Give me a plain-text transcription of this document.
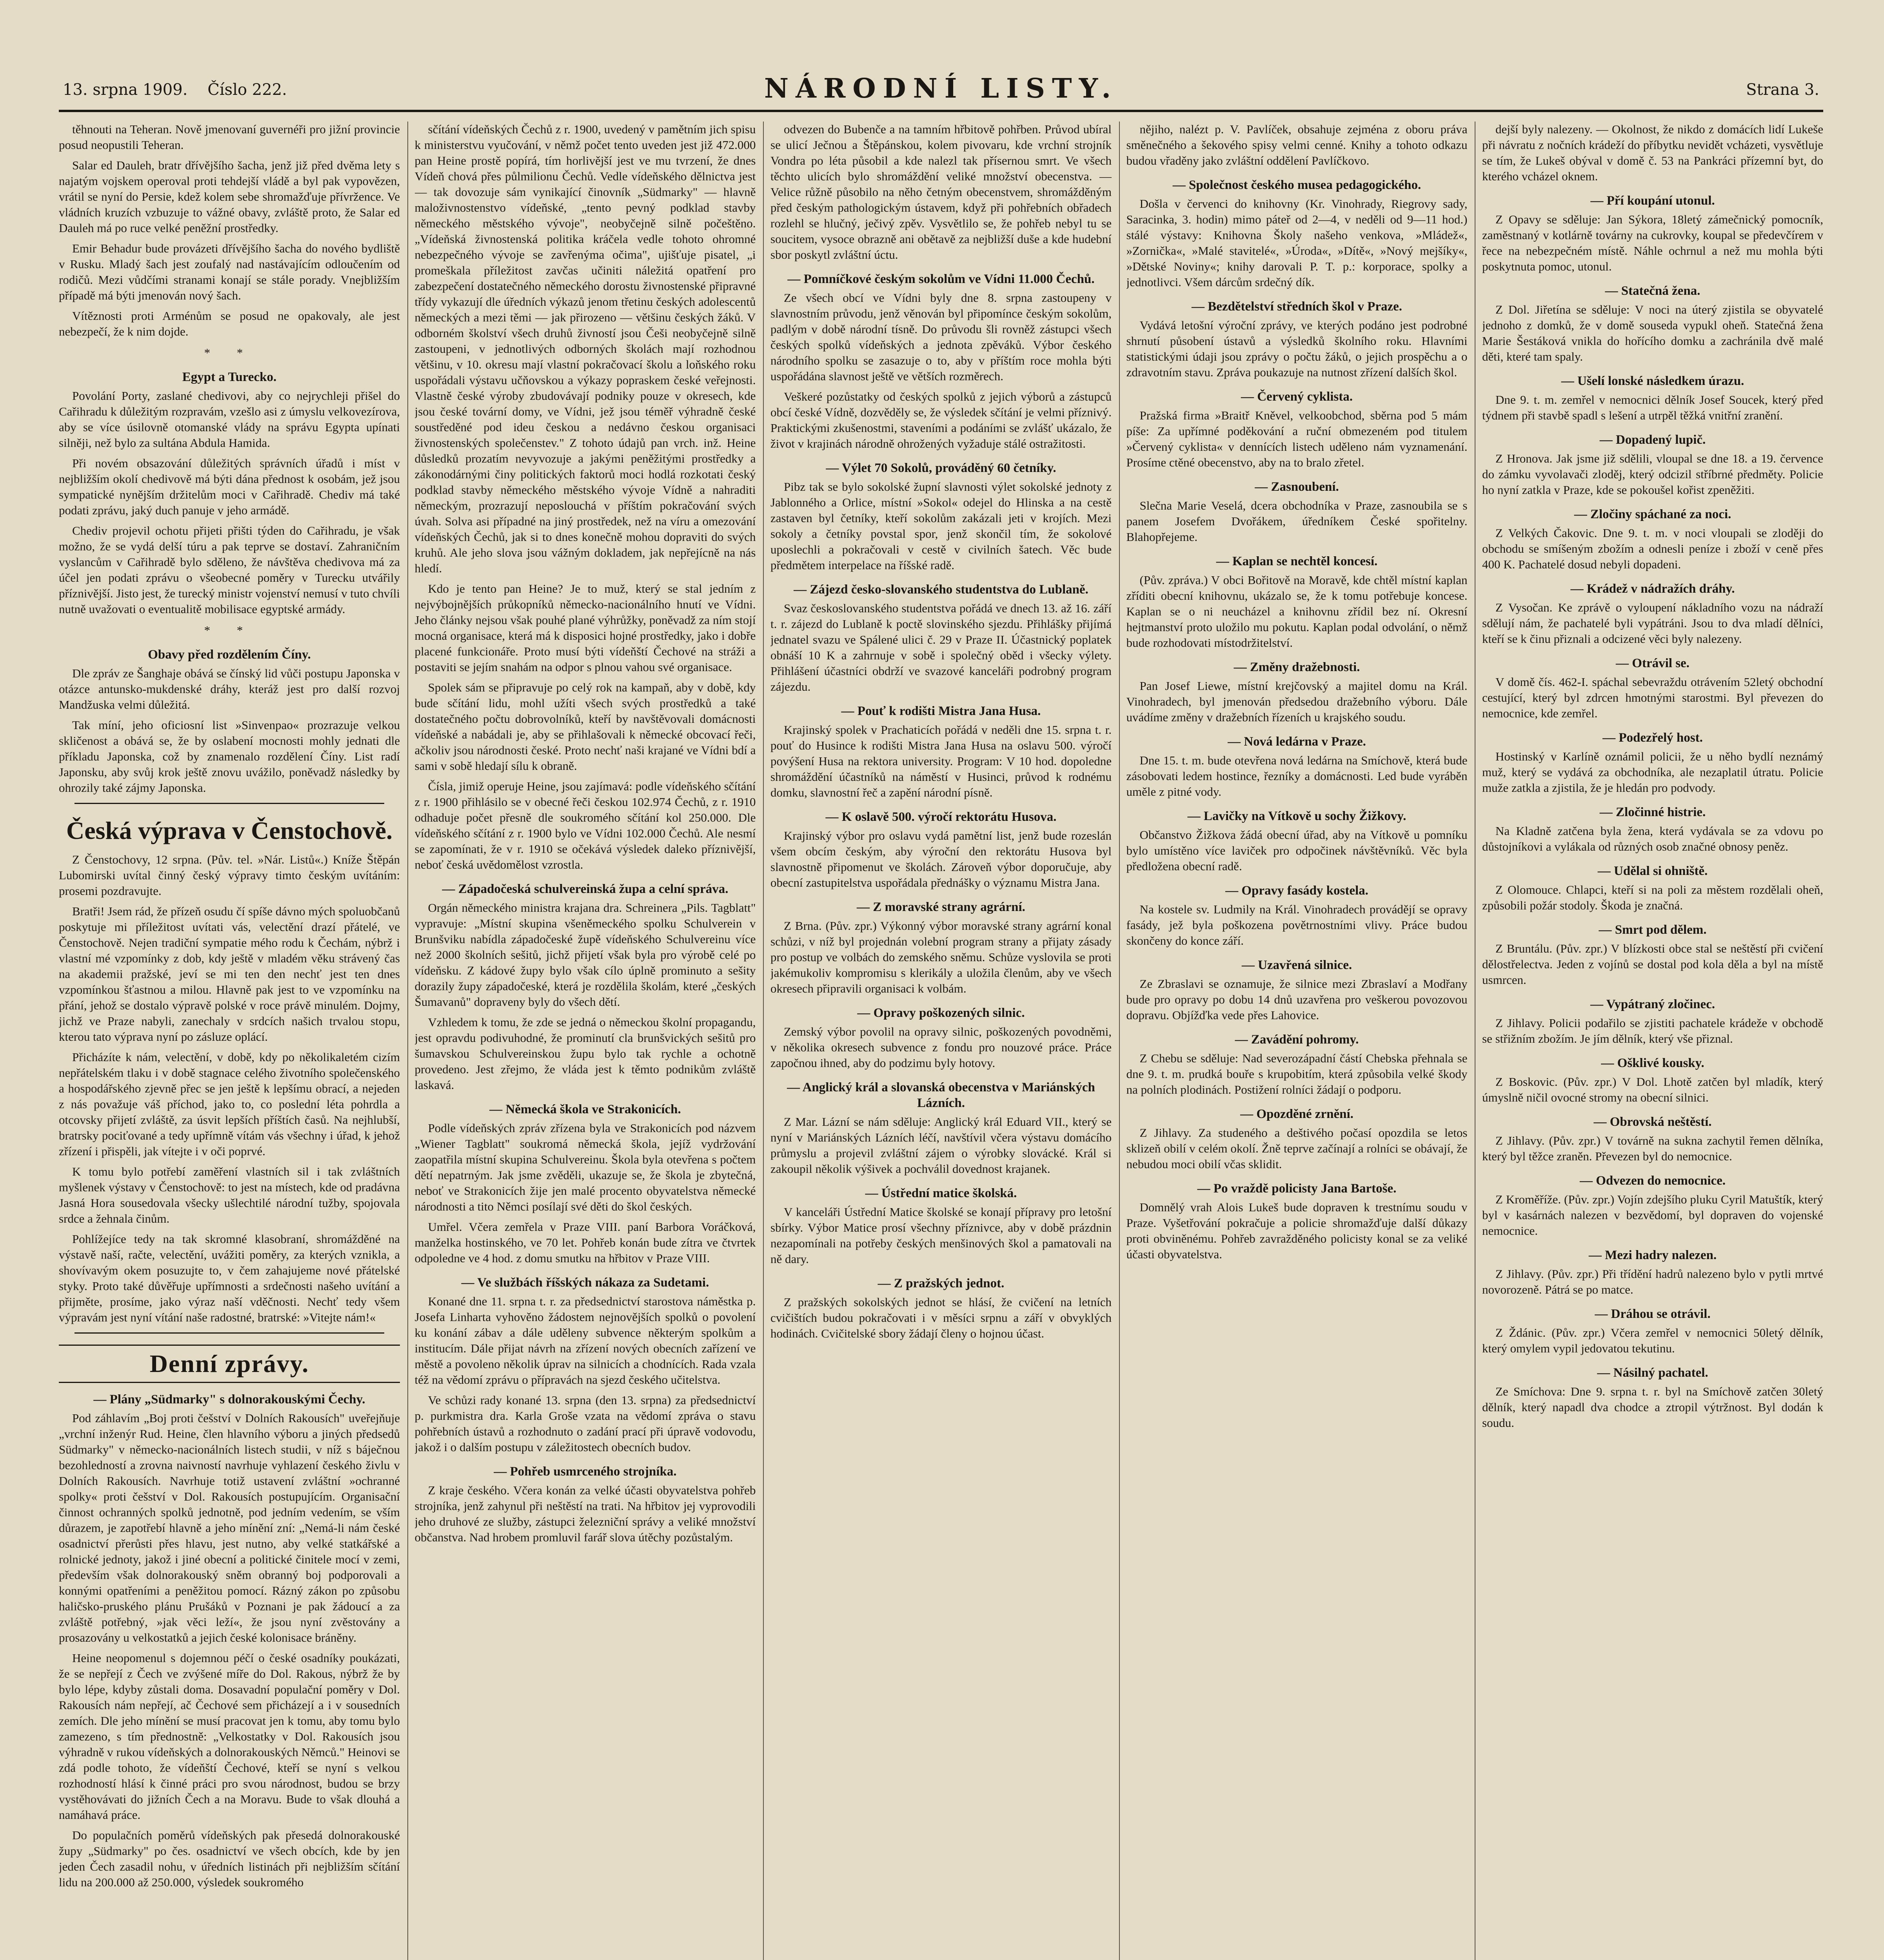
13. srpna 1909. Číslo 222.	NÁRODNÍ LISTY.	Strana 3.

těhnouti na Teheran. Nově jmenovaní guvernéři pro jižní provincie posud neopustili Teheran.

Salar ed Dauleh, bratr dřívějšího šacha, jenž již před dvěma lety s najatým vojskem operoval proti tehdejší vládě a byl pak vypovězen, vrátil se nyní do Persie, kdež kolem sebe shromažďuje přívržence. Ve vládních kruzích vzbuzuje to vážné obavy, zvláště proto, že Salar ed Dauleh má po ruce velké peněžní prostředky.

Emir Behadur bude provázeti dřívějšího šacha do nového bydliště v Rusku. Mladý šach jest zoufalý nad nastávajícím odloučením od rodičů. Mezi vůdčími stranami konají se stále porady. Vnejbližším případě má býti jmenován nový šach.

Vítěznosti proti Arménům se posud ne opakovaly, ale jest nebezpečí, že k nim dojde.

* *

Egypt a Turecko.

Povolání Porty, zaslané chedivovi, aby co nejrychleji přišel do Cařihradu k důležitým rozpravám, vzešlo asi z úmyslu velkovezírova, aby se více úsilovně otomanské vlády na správu Egypta upínati silněji, než bylo za sultána Abdula Hamida.

Při novém obsazování důležitých správních úřadů i míst v nejbližším okolí chedivově má býti dána přednost k osobám, jež jsou sympatické nynějším držitelům moci v Cařihradě. Chediv má také podati zprávu, jaký duch panuje v jeho armádě.

Chediv projevil ochotu přijeti přišti týden do Cařihradu, je však možno, že se vydá delší túru a pak teprve se dostaví. Zahraničním vyslancům v Cařihradě bylo sděleno, že návštěva chedivova má za účel jen podati zprávu o všeobecné poměry v Turecku utvářily příznivější. Jisto jest, že turecký ministr vojenství nemusí v tuto chvíli nutně uvažovati o eventualitě mobilisace egyptské armády.

* *

Obavy před rozdělením Číny.

Dle zpráv ze Šanghaje obává se čínský lid vůči postupu Japonska v otázce antunsko-mukdenské dráhy, kteráž jest pro další rozvoj Mandžuska velmi důležitá.

Tak míní, jeho oficiosní list »Sinvenpao« prozrazuje velkou skličenost a obává se, že by oslabení mocnosti mohly jednati dle příkladu Japonska, což by znamenalo rozdělení Číny. List radí Japonsku, aby svůj krok ještě znovu uvážilo, poněvadž následky by ohrozily také zájmy Japonska.

Česká výprava v Čenstochově.

Z Čenstochovy, 12 srpna. (Pův. tel. »Nár. Listů«.) Kníže Štěpán Lubomirski uvítal činný český výpravy timto českým uvítáním: prosemi pozdravujte.

Bratři! Jsem rád, že přízeň osudu čí spíše dávno mých spoluobčanů poskytuje mi příležitost uvítati vás, velectění drazí přátelé, ve Čenstochově. Nejen tradiční sympatie mého rodu k Čechám, nýbrž i vlastní mé vzpomínky z dob, kdy ještě v mladém věku strávený čas na akademii pražské, jeví se mi ten den nechť jest ten dnes vzpomínkou šťastnou a milou. Hlavně pak jest to ve vzpomínku na přání, jehož se dostalo výpravě polské v roce právě minulém. Dojmy, jichž ve Praze nabyli, zanechaly v srdcích našich trvalou stopu, kterou tato výprava nyní po zásluze oplácí.

Přicházíte k nám, velectění, v době, kdy po několikaletém cizím nepřátelském tlaku i v době stagnace celého životního společenského a hospodářského zjevně přec se jen ještě k lepšímu obrací, a nejeden z nás považuje váš příchod, jako to, co poslední léta pohrdla a otcovsky přijetí zvláště, za úsvit lepších příštích časů. Na nejhlubší, bratrsky pociťované a tedy upřímně vítám vás všechny i úřad, k jehož zřízení i přispěli, jak vítejte i v oči poprvé.

K tomu bylo potřebí zaměření vlastních sil i tak zvláštních myšlenek výstavy v Čenstochově: to jest na místech, kde od pradávna Jasná Hora sousedovala všecky ušlechtilé národní tužby, spojovala srdce a žehnala činům.

Pohlížejíce tedy na tak skromné klasobraní, shromážděné na výstavě naší, račte, velectění, uvážiti poměry, za kterých vznikla, a shovívavým okem posuzujte to, v čem zahajujeme nové přátelské styky. Proto také důvěřuje upřímnosti a srdečnosti našeho uvítání a přijměte, prosíme, jako výraz naší vděčnosti. Nechť tedy všem výpravám jest nyní vítání naše radostné, bratrské: »Vitejte nám!«

Denní zprávy.

— Plány „Südmarky" s dolnorakouskými Čechy.

Pod záhlavím „Boj proti češství v Dolních Rakousích" uveřejňuje „vrchní inženýr Rud. Heine, člen hlavního výboru a jiných předsedů Südmarky" v německo-nacionálních listech studii, v níž s báječnou bezohledností a zrovna naivností navrhuje vyhlazení českého živlu v Dolních Rakousích. Navrhuje totiž ustavení zvláštní »ochranné spolky« proti češství v Dol. Rakousích postupujícím. Organisační činnost ochranných spolků jednotně, pod jedním vedením, se vším důrazem, je zapotřebí hlavně a jeho mínění zní: „Nemá-li nám české osadnictví přerůsti přes hlavu, jest nutno, aby velké statkářské a rolnické jednoty, jakož i jiné obecní a politické činitele mocí v zemi, především však dolnorakouský sněm obranný boj podporovali a konnými opatřeními a peněžitou pomocí. Rázný zákon po způsobu haličsko-pruského plánu Prušáků v Poznani je pak žádoucí a za zvláště potřebný, »jak věci leží«, že jsou nyní zvěstovány a prosazovány u velkostatků a jejich české kolonisace bráněny.

Heine neopomenul s dojemnou péčí o české osadníky poukázati, že se nepřejí z Čech ve zvýšené míře do Dol. Rakous, nýbrž že by bylo lépe, kdyby zůstali doma. Dosavadní populační poměry v Dol. Rakousích nám nepřejí, ač Čechové sem přicházejí a i v sousedních zemích. Dle jeho mínění se musí pracovat jen k tomu, aby tomu bylo zamezeno, s tím přednostně: „Velkostatky v Dol. Rakousích jsou výhradně v rukou vídeňských a dolnorakouských Němců." Heinovi se zdá podle tohoto, že vídeňští Čechové, kteří se nyní s velkou rozhodností hlásí k činné práci pro svou národnost, budou se brzy vystěhovávati do jižních Čech a na Moravu. Bude to však dlouhá a namáhavá práce.

Do populačních poměrů vídeňských pak přesedá dolnorakouské župy „Südmarky" po čes. osadnictví ve všech obcích, kde by jen jeden Čech zasadil nohu, v úředních listinách při nejbližším sčítání lidu na 200.000 až 250.000, výsledek soukromého

sčítání vídeňských Čechů z r. 1900, uvedený v pamětním jich spisu k ministerstvu vyučování, v němž počet tento uveden jest již 472.000 pan Heine prostě popírá, tím horlivější jest ve mu tvrzení, že dnes Vídeň chová přes půlmilionu Čechů. Vedle vídeňského dělnictva jest — tak dovozuje sám vynikající činovník „Südmarky" — hlavně maloživnostenstvo vídeňské, „tento pevný podklad stavby německého městského vývoje", neobyčejně silně počeštěno. „Vídeňská živnostenská politika kráčela vedle tohoto ohromné nebezpečného vývoje se zavřenýma očima", ujišťuje pisatel, „i promeškala příležitost zavčas učiniti náležitá opatření pro zabezpečení dostatečného německého dorostu živnostenské připravné třídy vykazují dle úředních výkazů jenom třetinu českých adolescentů německých a mezi těmi — jak přirozeno — většinu českých žáků. V odborném školství všech druhů živností jsou Češi neobyčejně silně zastoupeni, v jednotlivých odborných školách mají rozhodnou většinu, v 10. okresu mají vlastní pokračovací školu a loňského roku uspořádali výstavu učňovskou a výkazy popraskem české veřejnosti. Vlastně české výroby zbudovávají podniky pouze v okresech, kde jsou české tovární domy, ve Vídni, jež jsou téměř výhradně české soustředěné pod ideu českou a nedávno českou organisaci živnostenských společenstev." Z tohoto údajů pan vrch. inž. Heine důsledků prozatím nevyvozuje a jakými peněžitými prostředky a zákonodárnými činy politických faktorů moci hodlá rozkotati český podklad stavby německého městského vývoje Vídně a nahraditi německým, prozrazují neposlouchá v příštím pokračování svých úvah. Solva asi případné na jiný prostředek, než na víru a omezování vídeňských Čechů, jak si to dnes konečně mohou dopraviti do svých kruhů. Ale jeho slova jsou vážným dokladem, jak nepřejícně na nás hledí.

Kdo je tento pan Heine? Je to muž, který se stal jedním z nejvýbojnějších průkopníků německo-nacionálního hnutí ve Vídni. Jeho články nejsou však pouhé plané výhrůžky, poněvadž za ním stojí mocná organisace, která má k disposici hojné prostředky, jako i dobře placené funkcionáře. Proto musí býti vídeňští Čechové na stráži a postaviti se jejím snahám na odpor s plnou vahou své organisace.

Spolek sám se připravuje po celý rok na kampaň, aby v době, kdy bude sčítání lidu, mohl užíti všech svých prostředků a také dostatečného počtu dobrovolníků, kteří by navštěvovali domácnosti vídeňské a nabádali je, aby se přihlašovali k německé obcovací řeči, ačkoliv jsou národnosti české. Proto nechť naši krajané ve Vídni bdí a sami v sobě hledají sílu k obraně.

Čísla, jimiž operuje Heine, jsou zajímavá: podle vídeňského sčítání z r. 1900 přihlásilo se v obecné řeči českou 102.974 Čechů, z r. 1910 odhaduje počet přesně dle soukromého sčítání kol 250.000. Dle vídeňského sčítání z r. 1900 bylo ve Vídni 102.000 Čechů. Ale nesmí se zapomínati, že v r. 1910 se očekává výsledek daleko příznivější, neboť česká uvědomělost vzrostla.

— Západočeská schulvereinská župa a celní správa.

Orgán německého ministra krajana dra. Schreinera „Pils. Tagblatt" vypravuje: „Místní skupina všeněmeckého spolku Schulverein v Brunšviku nabídla západočeské župě vídeňského Schulvereinu více než 2000 školních sešitů, jichž přijetí však byla pro výrobě celé po vídeňsku. Z kádové župy bylo však cílo úplně prominuto a sešity dorazily župy západočeské, která je rozdělila školám, které „českých Šumavanů" dopraveny byly do všech dětí.

Vzhledem k tomu, že zde se jedná o německou školní propagandu, jest opravdu podivuhodné, že prominutí cla brunšvických sešitů pro šumavskou Schulvereinskou župu bylo tak rychle a ochotně provedeno. Jest zřejmo, že vláda jest k těmto podnikům zvláště laskavá.

— Německá škola ve Strakonicích.

Podle vídeňských zpráv zřízena byla ve Strakonicích pod názvem „Wiener Tagblatt" soukromá německá škola, jejíž vydržování zaopatřila místní skupina Schulvereinu. Škola byla otevřena s počtem dětí nepatrným. Jak jsme zvěděli, ukazuje se, že škola je zbytečná, neboť ve Strakonicích žije jen malé procento obyvatelstva německé národnosti a tito Němci posílají své děti do škol českých.

Umřel. Včera zemřela v Praze VIII. paní Barbora Voráčková, manželka hostinského, ve 70 let. Pohřeb konán bude zítra ve čtvrtek odpoledne ve 4 hod. z domu smutku na hřbitov v Praze VIII.

— Ve službách říšských nákaza za Sudetami.

Konané dne 11. srpna t. r. za předsednictví starostova náměstka p. Josefa Linharta vyhověno žádostem nejnovějších spolků o povolení ku konání zábav a dále uděleny subvence některým spolkům a institucím. Dále přijat návrh na zřízení nových obecních zařízení ve městě a povoleno několik úprav na silnicích a chodnících. Rada vzala též na vědomí zprávu o přípravách na sjezd českého učitelstva.

Ve schůzi rady konané 13. srpna (den 13. srpna) za předsednictví p. purkmistra dra. Karla Groše vzata na vědomí zpráva o stavu pohřebních ústavů a rozhodnuto o zadání prací při úpravě vodovodu, jakož i o dalším postupu v záležitostech obecních budov.

— Pohřeb usmrceného strojníka.

Z kraje českého. Včera konán za velké účasti obyvatelstva pohřeb strojníka, jenž zahynul při neštěstí na trati. Na hřbitov jej vyprovodili jeho druhové ze služby, zástupci železniční správy a veliké množství občanstva. Nad hrobem promluvil farář slova útěchy pozůstalým.

odvezen do Bubenče a na tamním hřbitově pohřben. Průvod ubíral se ulicí Ječnou a Štěpánskou, kolem pivovaru, kde vrchní strojník Vondra po léta působil a kde nalezl tak přísernou smrt. Ve všech těchto ulicích bylo shromáždění veliké množství obecenstva. — Velice růžně působilo na něho četným obecenstvem, shromážděným před českým pathologickým ústavem, když při pohřebních obřadech rozlehl se hlučný, ječivý zpěv. Vysvětlilo se, že pohřeb nebyl tu se soucitem, vysoce obrazně ani obětavě za nejbližší duše a kde hudební sbor poskytl zvláštní úctu.

— Pomníčkové českým sokolům ve Vídni 11.000 Čechů.

Ze všech obcí ve Vídni byly dne 8. srpna zastoupeny v slavnostním průvodu, jenž věnován byl připomínce českým sokolům, padlým v době národní tísně. Do průvodu šli rovněž zástupci všech českých spolků vídeňských a jednota zpěváků. Výbor českého národního spolku se zasazuje o to, aby v příštím roce mohla býti uspořádána slavnost ještě ve větších rozměrech.

Veškeré pozůstatky od českých spolků z jejich výborů a zástupců obcí české Vídně, dozvěděly se, že výsledek sčítání je velmi příznivý. Praktickými zkušenostmi, staveními a podáními se zvlášť ukázalo, že život v krajinách národně ohrožených vyžaduje stálé ostražitosti.

— Výlet 70 Sokolů, prováděný 60 četníky.

Pibz tak se bylo sokolské župní slavnosti výlet sokolské jednoty z Jablonného a Orlice, místní »Sokol« odejel do Hlinska a na cestě zastaven byl četníky, kteří sokolům zakázali jeti v krojích. Mezi sokoly a četníky povstal spor, jenž skončil tím, že sokolové uposlechli a pokračovali v cestě v civilních šatech. Věc bude předmětem interpelace na říšské radě.

— Zájezd česko-slovanského studentstva do Lublaně.

Svaz českoslovanského studentstva pořádá ve dnech 13. až 16. září t. r. zájezd do Lublaně k poctě slovinského sjezdu. Přihlášky přijímá jednatel svazu ve Spálené ulici č. 29 v Praze II. Účastnický poplatek obnáší 10 K a zahrnuje v sobě i společný oběd i všecky výlety. Přihlášení účastníci obdrží ve svazové kanceláři podrobný program zájezdu.

— Pouť k rodišti Mistra Jana Husa.

Krajinský spolek v Prachaticích pořádá v neděli dne 15. srpna t. r. pouť do Husince k rodišti Mistra Jana Husa na oslavu 500. výročí povýšení Husa na rektora university. Program: V 10 hod. dopoledne shromáždění účastníků na náměstí v Husinci, průvod k rodnému domku, slavnostní řeč a zapění národní písně.

— K oslavě 500. výročí rektorátu Husova.

Krajinský výbor pro oslavu vydá pamětní list, jenž bude rozeslán všem obcím českým, aby výroční den rektorátu Husova byl slavnostně připomenut ve školách. Zároveň výbor doporučuje, aby obecní zastupitelstva uspořádala přednášky o významu Mistra Jana.

— Z moravské strany agrární.

Z Brna. (Pův. zpr.) Výkonný výbor moravské strany agrární konal schůzi, v níž byl projednán volební program strany a přijaty zásady pro postup ve volbách do zemského sněmu. Schůze vyslovila se proti jakémukoliv kompromisu s klerikály a uložila členům, aby ve všech okresech připravili organisaci k volbám.

— Opravy poškozených silnic.

Zemský výbor povolil na opravy silnic, poškozených povodněmi, v několika okresech subvence z fondu pro nouzové práce. Práce započnou ihned, aby do podzimu byly hotovy.

— Anglický král a slovanská obecenstva v Mariánských Lázních.

Z Mar. Lázní se nám sděluje: Anglický král Eduard VII., který se nyní v Mariánských Lázních léčí, navštívil včera výstavu domácího průmyslu a projevil zvláštní zájem o výrobky slovácké. Král si zakoupil několik výšivek a pochválil dovednost krajanek.

— Ústřední matice školská.

V kanceláři Ústřední Matice školské se konají přípravy pro letošní sbírky. Výbor Matice prosí všechny příznivce, aby v době prázdnin nezapomínali na potřeby českých menšinových škol a pamatovali na ně dary.

— Z pražských jednot.

Z pražských sokolských jednot se hlásí, že cvičení na letních cvičištích budou pokračovati i v měsíci srpnu a září v obvyklých hodinách. Cvičitelské sbory žádají členy o hojnou účast.

nějiho, nalézt p. V. Pavlíček, obsahuje zejména z oboru práva směnečného a šekového spisy velmi cenné. Knihy a tohoto odkazu budou vřaděny jako zvláštní oddělení Pavlíčkovo.

— Společnost českého musea pedagogického.

Došla v červenci do knihovny (Kr. Vinohrady, Riegrovy sady, Saracinka, 3. hodin) mimo páteř od 2—4, v neděli od 9—11 hod.) stálé výstavy: Knihovna Školy našeho venkova, »Mládež«, »Zornička«, »Malé stavitelé«, »Úroda«, »Dítě«, »Nový mejšíky«, »Dětské Noviny«; knihy darovali P. T. p.: korporace, spolky a jednotlivci. Všem dárcům srdečný dík.

— Bezdětelství středních škol v Praze.

Vydává letošní výroční zprávy, ve kterých podáno jest podrobné shrnutí působení ústavů a výsledků školního roku. Hlavními statistickými údaji jsou zprávy o počtu žáků, o jejich prospěchu a o zdravotním stavu. Zpráva poukazuje na nutnost zřízení dalších škol.

— Červený cyklista.

Pražská firma »Braitř Kněvel, velkoobchod, sběrna pod 5 mám píše: Za upřímné poděkování a ruční obmezeném pod titulem »Červený cyklista« v dennících listech uděleno nám vyznamenání. Prosíme ctěné obecenstvo, aby na to bralo zřetel.

— Zasnoubení.

Slečna Marie Veselá, dcera obchodníka v Praze, zasnoubila se s panem Josefem Dvořákem, úředníkem České spořitelny. Blahopřejeme.

— Kaplan se nechtěl koncesí.

(Pův. zpráva.) V obci Bořitově na Moravě, kde chtěl místní kaplan zříditi obecní knihovnu, ukázalo se, že k tomu potřebuje koncese. Kaplan se o ni neucházel a knihovnu zřídil bez ní. Okresní hejtmanství proto uložilo mu pokutu. Kaplan podal odvolání, o němž bude rozhodovati místodržitelství.

— Změny dražebnosti.

Pan Josef Liewe, místní krejčovský a majitel domu na Král. Vinohradech, byl jmenován předsedou dražebního výboru. Dále uvádíme změny v dražebních řízeních u krajského soudu.

— Nová ledárna v Praze.

Dne 15. t. m. bude otevřena nová ledárna na Smíchově, která bude zásobovati ledem hostince, řezníky a domácnosti. Led bude vyráběn uměle z pitné vody.

— Lavičky na Vítkově u sochy Žižkovy.

Občanstvo Žižkova žádá obecní úřad, aby na Vítkově u pomníku bylo umístěno více laviček pro odpočinek návštěvníků. Věc byla předložena obecní radě.

— Opravy fasády kostela.

Na kostele sv. Ludmily na Král. Vinohradech provádějí se opravy fasády, jež byla poškozena povětrnostními vlivy. Práce budou skončeny do konce září.

— Uzavřená silnice.

Ze Zbraslavi se oznamuje, že silnice mezi Zbraslaví a Modřany bude pro opravy po dobu 14 dnů uzavřena pro veškerou povozovou dopravu. Objížďka vede přes Lahovice.

— Zavádění pohromy.

Z Chebu se sděluje: Nad severozápadní částí Chebska přehnala se dne 9. t. m. prudká bouře s krupobitím, která způsobila velké škody na polních plodinách. Postižení rolníci žádají o podporu.

— Opozděné zrnění.

Z Jihlavy. Za studeného a deštivého počasí opozdila se letos sklizeň obilí v celém okolí. Žně teprve začínají a rolníci se obávají, že nebudou moci obilí včas sklidit.

— Po vraždě policisty Jana Bartoše.

Domnělý vrah Alois Lukeš bude dopraven k trestnímu soudu v Praze. Vyšetřování pokračuje a policie shromažďuje další důkazy proti obviněnému. Pohřeb zavražděného policisty konal se za veliké účasti obyvatelstva.

dejší byly nalezeny. — Okolnost, že nikdo z domácích lidí Lukeše při návratu z nočních krádeží do příbytku nevidět vcházeti, vysvětluje se tím, že Lukeš obýval v domě č. 53 na Pankráci přízemní byt, do kterého vcházel oknem.

— Pří koupání utonul.

Z Opavy se sděluje: Jan Sýkora, 18letý zámečnický pomocník, zaměstnaný v kotlárně továrny na cukrovky, koupal se předevčírem v řece na nebezpečném místě. Náhle ochrnul a než mu mohla býti poskytnuta pomoc, utonul.

— Statečná žena.

Z Dol. Jiřetína se sděluje: V noci na úterý zjistila se obyvatelé jednoho z domků, že v domě souseda vypukl oheň. Statečná žena Marie Šestáková vnikla do hořícího domku a zachránila dvě malé děti, které tam spaly.

— Ušelí lonské následkem úrazu.

Dne 9. t. m. zemřel v nemocnici dělník Josef Soucek, který před týdnem při stavbě spadl s lešení a utrpěl těžká vnitřní zranění.

— Dopadený lupič.

Z Hronova. Jak jsme již sdělili, vloupal se dne 18. a 19. července do zámku vyvolavači zloděj, který odcizil stříbrné předměty. Policie ho nyní zatkla v Praze, kde se pokoušel kořist zpeněžiti.

— Zločiny spáchané za noci.

Z Velkých Čakovic. Dne 9. t. m. v noci vloupali se zloději do obchodu se smíšeným zbožím a odnesli peníze i zboží v ceně přes 400 K. Pachatelé dosud nebyli dopadeni.

— Krádež v nádražích dráhy.

Z Vysočan. Ke zprávě o vyloupení nákladního vozu na nádraží sdělují nám, že pachatelé byli vypátráni. Jsou to dva mladí dělníci, kteří se k činu přiznali a odcizené věci byly nalezeny.

— Otrávil se.

V domě čís. 462-I. spáchal sebevraždu otrávením 52letý obchodní cestující, který byl zdrcen hmotnými starostmi. Byl převezen do nemocnice, kde zemřel.

— Podezřelý host.

Hostinský v Karlíně oznámil policii, že u něho bydlí neznámý muž, který se vydává za obchodníka, ale nezaplatil útratu. Policie muže zatkla a zjistila, že je hledán pro podvody.

— Zločinné histrie.

Na Kladně zatčena byla žena, která vydávala se za vdovu po důstojníkovi a vylákala od různých osob značné obnosy peněz.

— Udělal si ohniště.

Z Olomouce. Chlapci, kteří si na poli za městem rozdělali oheň, způsobili požár stodoly. Škoda je značná.

— Smrt pod dělem.

Z Bruntálu. (Pův. zpr.) V blízkosti obce stal se neštěstí při cvičení dělostřelectva. Jeden z vojínů se dostal pod kola děla a byl na místě usmrcen.

— Vypátraný zločinec.

Z Jihlavy. Policii podařilo se zjistiti pachatele krádeže v obchodě se střižním zbožím. Je jím dělník, který vše přiznal.

— Ošklivé kousky.

Z Boskovic. (Pův. zpr.) V Dol. Lhotě zatčen byl mladík, který úmyslně ničil ovocné stromy na obecní silnici.

— Obrovská neštěstí.

Z Jihlavy. (Pův. zpr.) V továrně na sukna zachytil řemen dělníka, který byl těžce zraněn. Převezen byl do nemocnice.

— Odvezen do nemocnice.

Z Kroměříže. (Pův. zpr.) Vojín zdejšího pluku Cyril Matuštík, který byl v kasárnách nalezen v bezvědomí, byl dopraven do vojenské nemocnice.

— Mezi hadry nalezen.

Z Jihlavy. (Pův. zpr.) Při třídění hadrů nalezeno bylo v pytli mrtvé novorozeně. Pátrá se po matce.

— Dráhou se otrávil.

Z Ždánic. (Pův. zpr.) Včera zemřel v nemocnici 50letý dělník, který omylem vypil jedovatou tekutinu.

— Násilný pachatel.

Ze Smíchova: Dne 9. srpna t. r. byl na Smíchově zatčen 30letý dělník, který napadl dva chodce a ztropil výtržnost. Byl dodán k soudu.
